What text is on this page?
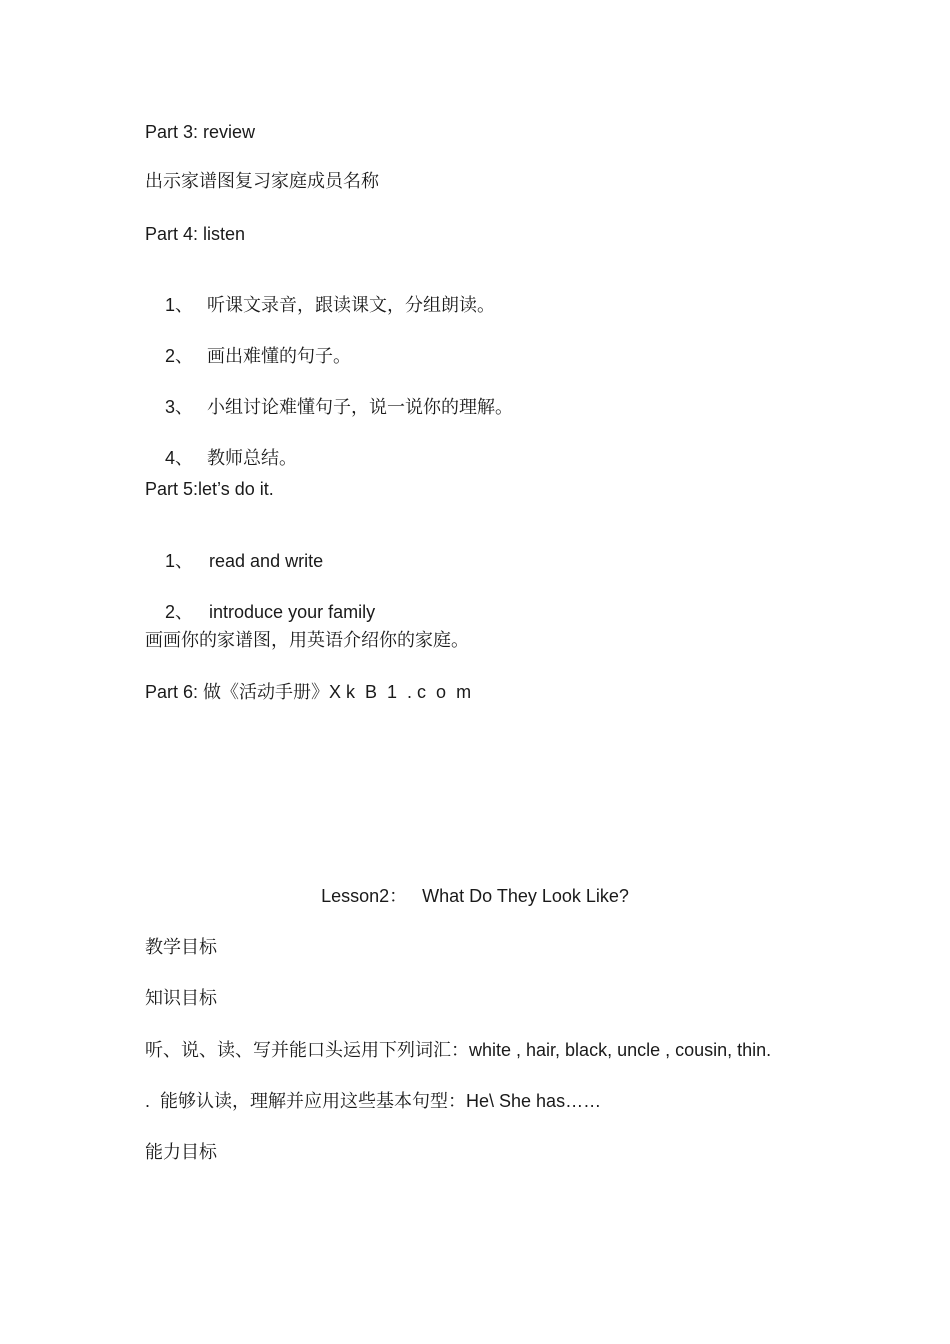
Part 3: review
出示家谱图复习家庭成员名称
Part 4: listen

1、 听课文录音，跟读课文，分组朗读。

2、 画出难懂的句子。

3、 小组讨论难懂句子，说一说你的理解。

4、 教师总结。

Part 5:let’s do it.

1、 read and write

2、 introduce your family

画画你的家谱图，用英语介绍你的家庭。
Part 6: 做《活动手册》X k  B  1  . c  o  m
Lesson2：   What Do They Look Like?
教学目标
知识目标
听、说、读、写并能口头运用下列词汇：white , hair, black, uncle , cousin, thin.
.  能够认读，理解并应用这些基本句型：He\ She has……
能力目标
